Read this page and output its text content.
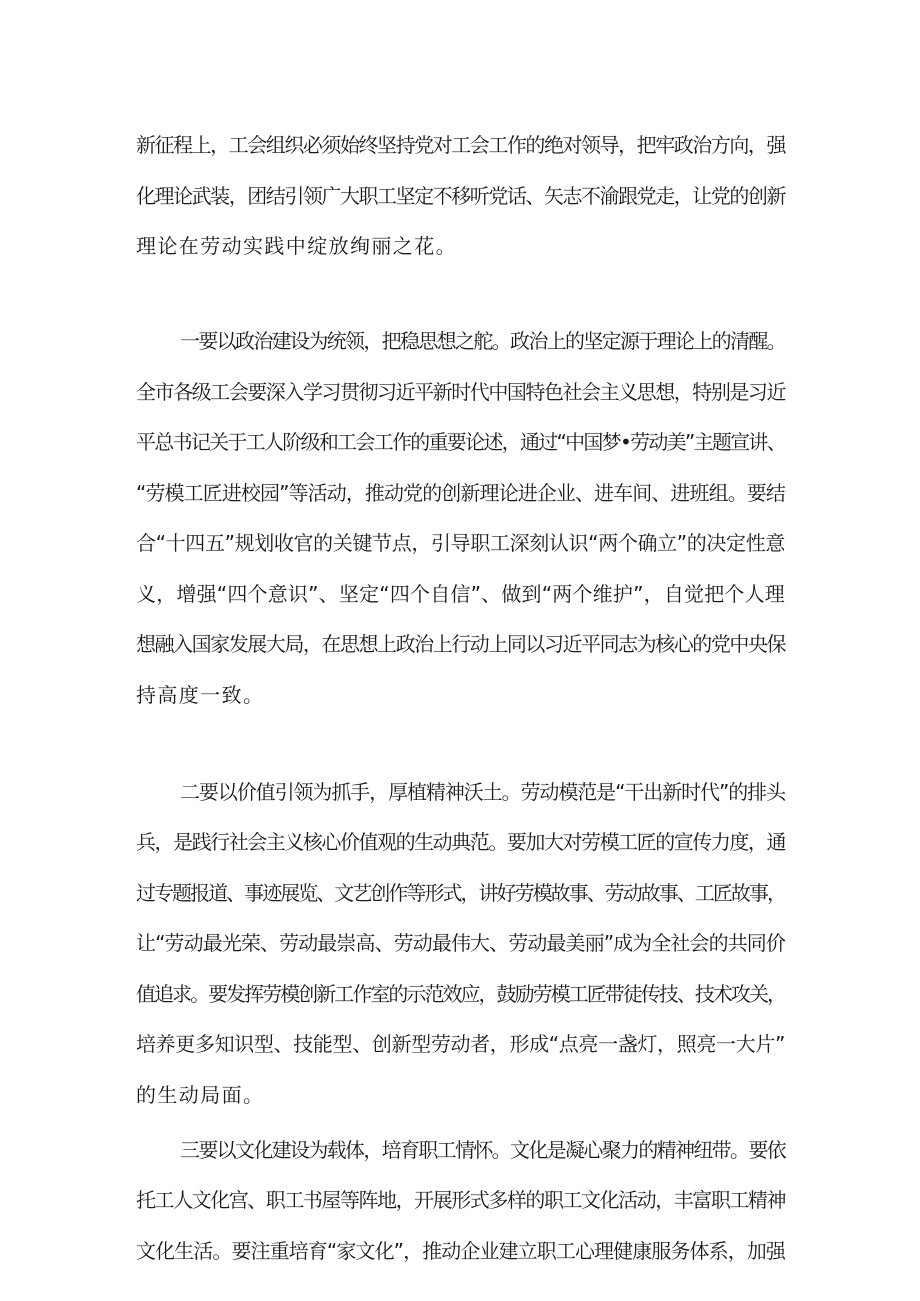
新征程上，工会组织必须始终坚持党对工会工作的绝对领导，把牢政治方向，强
化理论武装，团结引领广大职工坚定不移听党话、矢志不渝跟党走，让党的创新
理论在劳动实践中绽放绚丽之花。
一要以政治建设为统领，把稳思想之舵。政治上的坚定源于理论上的清醒。
全市各级工会要深入学习贯彻习近平新时代中国特色社会主义思想，特别是习近
平总书记关于工人阶级和工会工作的重要论述，通过“中国梦•劳动美”主题宣讲、
“劳模工匠进校园”等活动，推动党的创新理论进企业、进车间、进班组。要结
合“十四五”规划收官的关键节点，引导职工深刻认识“两个确立”的决定性意
义，增强“四个意识”、坚定“四个自信”、做到“两个维护”，自觉把个人理
想融入国家发展大局，在思想上政治上行动上同以习近平同志为核心的党中央保
持高度一致。
二要以价值引领为抓手，厚植精神沃土。劳动模范是“干出新时代”的排头
兵，是践行社会主义核心价值观的生动典范。要加大对劳模工匠的宣传力度，通
过专题报道、事迹展览、文艺创作等形式，讲好劳模故事、劳动故事、工匠故事，
让“劳动最光荣、劳动最崇高、劳动最伟大、劳动最美丽”成为全社会的共同价
值追求。要发挥劳模创新工作室的示范效应，鼓励劳模工匠带徒传技、技术攻关，
培养更多知识型、技能型、创新型劳动者，形成“点亮一盏灯，照亮一大片”
的生动局面。
三要以文化建设为载体，培育职工情怀。文化是凝心聚力的精神纽带。要依
托工人文化宫、职工书屋等阵地，开展形式多样的职工文化活动，丰富职工精神
文化生活。要注重培育“家文化”，推动企业建立职工心理健康服务体系，加强
